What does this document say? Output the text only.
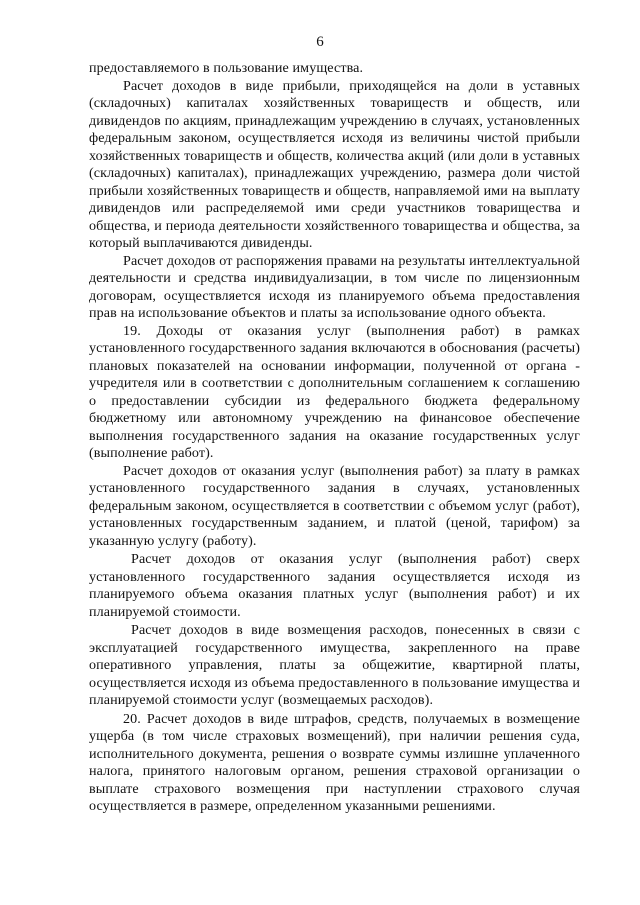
6

предоставляемого в пользование имущества.

Расчет доходов в виде прибыли, приходящейся на доли в уставных (складочных) капиталах хозяйственных товариществ и обществ, или дивидендов по акциям, принадлежащим учреждению в случаях, установленных федеральным законом, осуществляется исходя из величины чистой прибыли хозяйственных товариществ и обществ, количества акций (или доли в уставных (складочных) капиталах), принадлежащих учреждению, размера доли чистой прибыли хозяйственных товариществ и обществ, направляемой ими на выплату дивидендов или распределяемой ими среди участников товарищества и общества, и периода деятельности хозяйственного товарищества и общества, за который выплачиваются дивиденды.

Расчет доходов от распоряжения правами на результаты интеллектуальной деятельности и средства индивидуализации, в том числе по лицензионным договорам, осуществляется исходя из планируемого объема предоставления прав на использование объектов и платы за использование одного объекта.

19. Доходы от оказания услуг (выполнения работ) в рамках установленного государственного задания включаются в обоснования (расчеты) плановых показателей на основании информации, полученной от органа - учредителя или в соответствии с дополнительным соглашением к соглашению о предоставлении субсидии из федерального бюджета федеральному бюджетному или автономному учреждению на финансовое обеспечение выполнения государственного задания на оказание государственных услуг (выполнение работ).

Расчет доходов от оказания услуг (выполнения работ) за плату в рамках установленного государственного задания в случаях, установленных федеральным законом, осуществляется в соответствии с объемом услуг (работ), установленных государственным заданием, и платой (ценой, тарифом) за указанную услугу (работу).

Расчет доходов от оказания услуг (выполнения работ) сверх установленного государственного задания осуществляется исходя из планируемого объема оказания платных услуг (выполнения работ) и их планируемой стоимости.

Расчет доходов в виде возмещения расходов, понесенных в связи с эксплуатацией государственного имущества, закрепленного на праве оперативного управления, платы за общежитие, квартирной платы, осуществляется исходя из объема предоставленного в пользование имущества и планируемой стоимости услуг (возмещаемых расходов).

20. Расчет доходов в виде штрафов, средств, получаемых в возмещение ущерба (в том числе страховых возмещений), при наличии решения суда, исполнительного документа, решения о возврате суммы излишне уплаченного налога, принятого налоговым органом, решения страховой организации о выплате страхового возмещения при наступлении страхового случая осуществляется в размере, определенном указанными решениями.
